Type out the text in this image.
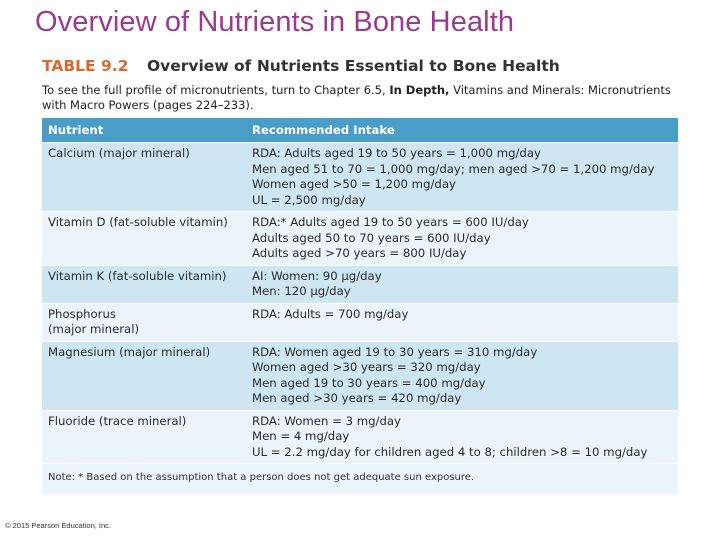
Overview of Nutrients in Bone Health
TABLE 9.2 Overview of Nutrients Essential to Bone Health
To see the full profile of micronutrients, turn to Chapter 6.5, In Depth, Vitamins and Minerals: Micronutrients with Macro Powers (pages 224–233).
Nutrient	Recommended Intake

Calcium (major mineral)	RDA: Adults aged 19 to 50 years = 1,000 mg/day
Men aged 51 to 70 = 1,000 mg/day; men aged >70 = 1,200 mg/day
Women aged >50 = 1,200 mg/day
UL = 2,500 mg/day

Vitamin D (fat-soluble vitamin)	RDA:* Adults aged 19 to 50 years = 600 IU/day
Adults aged 50 to 70 years = 600 IU/day
Adults aged >70 years = 800 IU/day

Vitamin K (fat-soluble vitamin)	AI: Women: 90 µg/day
Men: 120 µg/day

Phosphorus
(major mineral)	RDA: Adults = 700 mg/day

Magnesium (major mineral)	RDA: Women aged 19 to 30 years = 310 mg/day
Women aged >30 years = 320 mg/day
Men aged 19 to 30 years = 400 mg/day
Men aged >30 years = 420 mg/day

Fluoride (trace mineral)	RDA: Women = 3 mg/day
Men = 4 mg/day
UL = 2.2 mg/day for children aged 4 to 8; children >8 = 10 mg/day

Note: * Based on the assumption that a person does not get adequate sun exposure.	
© 2015 Pearson Education, Inc.
